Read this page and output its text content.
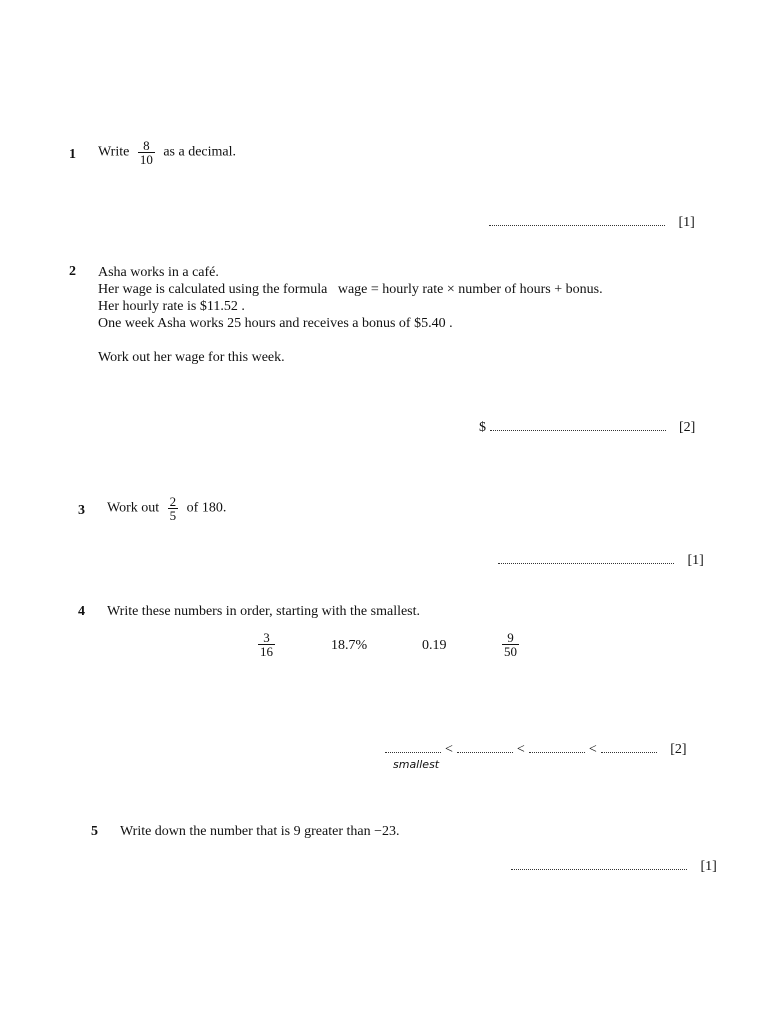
1 Write $\frac{8}{10}$ as a decimal.
[1]
2 Asha works in a café.
Her wage is calculated using the formula   wage = hourly rate × number of hours + bonus.
Her hourly rate is $11.52 .
One week Asha works 25 hours and receives a bonus of $5.40 .
Work out her wage for this week.
$	[2]
3 Work out $\frac{2}{5}$ of 180.
[1]
4 Write these numbers in order, starting with the smallest.
$\frac{3}{16}$	18.7%	0.19	$\frac{9}{50}$
<	<	<	[2]
smallest
5 Write down the number that is 9 greater than −23.
[1]
